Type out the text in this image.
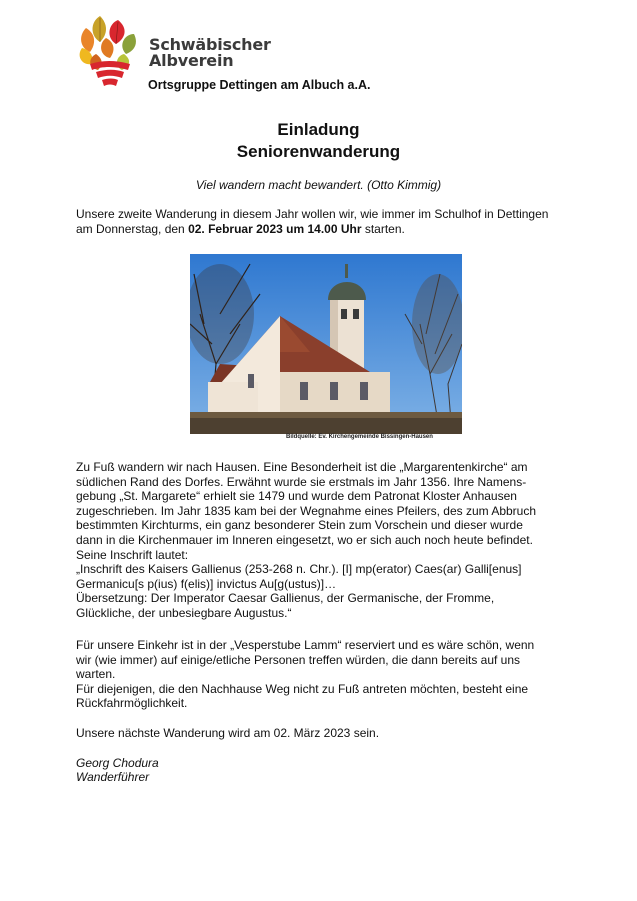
Schwäbischer
Albverein
Ortsgruppe Dettingen am Albuch a.A.
Einladung
Seniorenwanderung
Viel wandern macht bewandert. (Otto Kimmig)
Unsere zweite Wanderung in diesem Jahr wollen wir, wie immer im Schulhof in Dettingen
am Donnerstag, den 02. Februar 2023 um 14.00 Uhr starten.
Bildquelle: Ev. Kirchengemeinde Bissingen-Hausen
Zu Fuß wandern wir nach Hausen. Eine Besonderheit ist die „Margarentenkirche“ am
südlichen Rand des Dorfes. Erwähnt wurde sie erstmals im Jahr 1356. Ihre Namens-
gebung „St. Margarete“ erhielt sie 1479 und wurde dem Patronat Kloster Anhausen
zugeschrieben. Im Jahr 1835 kam bei der Wegnahme eines Pfeilers, des zum Abbruch
bestimmten Kirchturms, ein ganz besonderer Stein zum Vorschein und dieser wurde
dann in die Kirchenmauer im Inneren eingesetzt, wo er sich auch noch heute befindet.
Seine Inschrift lautet:
„Inschrift des Kaisers Gallienus (253-268 n. Chr.). [I] mp(erator) Caes(ar) Galli[enus]
Germanicu[s p(ius) f(elis)] invictus Au[g(ustus)]…
Übersetzung: Der Imperator Caesar Gallienus, der Germanische, der Fromme,
Glückliche, der unbesiegbare Augustus.“
Für unsere Einkehr ist in der „Vesperstube Lamm“ reserviert und es wäre schön, wenn
wir (wie immer) auf einige/etliche Personen treffen würden, die dann bereits auf uns
warten.
Für diejenigen, die den Nachhause Weg nicht zu Fuß antreten möchten, besteht eine
Rückfahrmöglichkeit.
Unsere nächste Wanderung wird am 02. März 2023 sein.
Georg Chodura
Wanderführer
